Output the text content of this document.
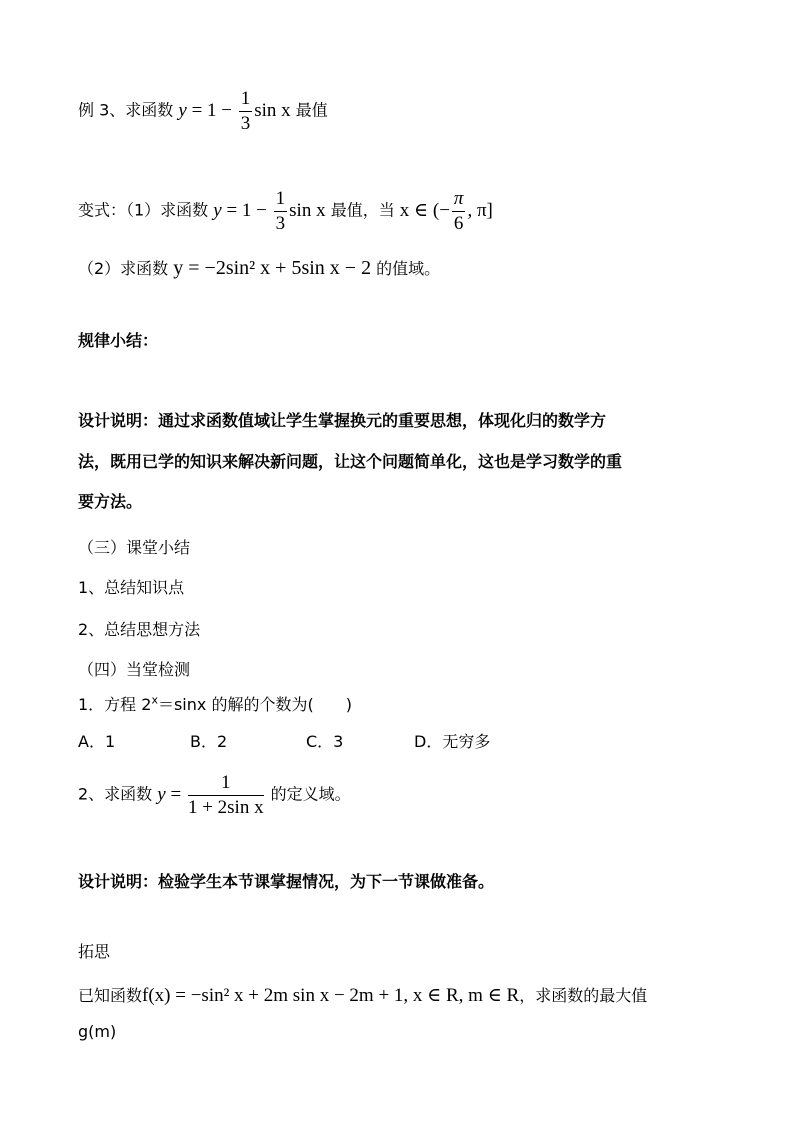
例 3、求函数 $y = 1 - \frac{1}{3}$ sin x 最值
变式：（1）求函数 $y = 1 - \frac{1}{3}$ sin x 最值，当 x ∈ (− $\frac{\pi}{6}$ , π]
（2）求函数 y = −2sin² x + 5sin x − 2 的值域。
规律小结：
设计说明：通过求函数值域让学生掌握换元的重要思想，体现化归的数学方
法，既用已学的知识来解决新问题，让这个问题简单化，这也是学习数学的重
要方法。
（三）课堂小结
1、总结知识点
2、总结思想方法
（四）当堂检测
1．方程 $2^x=\sin x$ 的解的个数为(　　)
A．1	B．2	C．3	D．无穷多
2、求函数 $y = \frac{1}{\text{1 + 2sin x}}$ 的定义域。
设计说明：检验学生本节课掌握情况，为下一节课做准备。
拓思
已知函数f(x) = −sin² x + 2m sin x − 2m + 1, x ∈ R, m ∈ R，求函数的最大值
g(m)
